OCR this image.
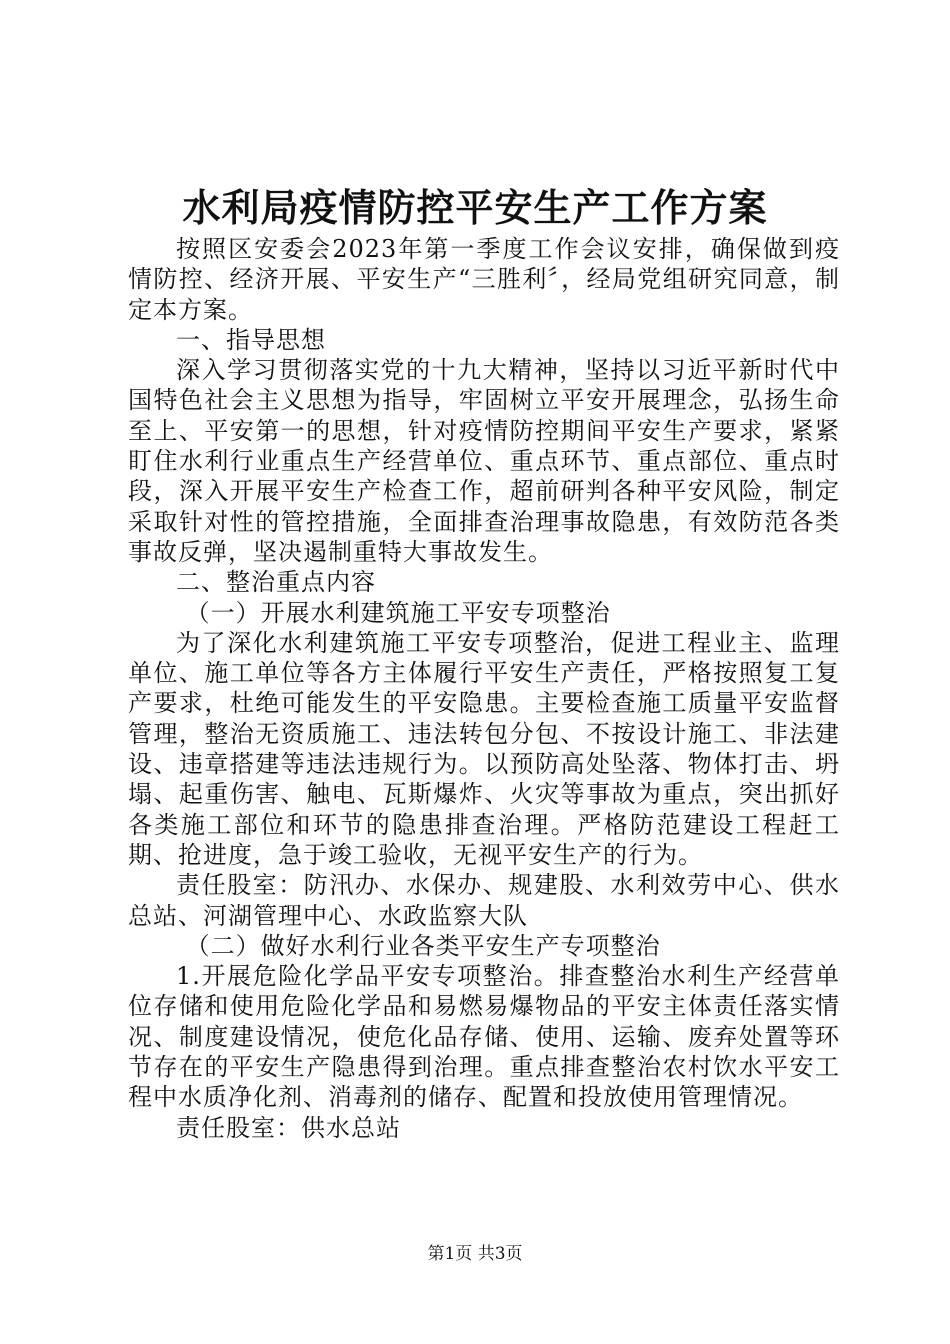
水利局疫情防控平安生产工作方案

按照区安委会2023年第一季度工作会议安排，确保做到疫情防控、经济开展、平安生产“三胜利〞，经局党组研究同意，制定本方案。

一、指导思想

深入学习贯彻落实党的十九大精神，坚持以习近平新时代中国特色社会主义思想为指导，牢固树立平安开展理念，弘扬生命至上、平安第一的思想，针对疫情防控期间平安生产要求，紧紧盯住水利行业重点生产经营单位、重点环节、重点部位、重点时段，深入开展平安生产检查工作，超前研判各种平安风险，制定采取针对性的管控措施，全面排查治理事故隐患，有效防范各类事故反弹，坚决遏制重特大事故发生。

二、整治重点内容

（一）开展水利建筑施工平安专项整治

为了深化水利建筑施工平安专项整治，促进工程业主、监理单位、施工单位等各方主体履行平安生产责任，严格按照复工复产要求，杜绝可能发生的平安隐患。主要检查施工质量平安监督管理，整治无资质施工、违法转包分包、不按设计施工、非法建设、违章搭建等违法违规行为。以预防高处坠落、物体打击、坍塌、起重伤害、触电、瓦斯爆炸、火灾等事故为重点，突出抓好各类施工部位和环节的隐患排查治理。严格防范建设工程赶工期、抢进度，急于竣工验收，无视平安生产的行为。

责任股室：防汛办、水保办、规建股、水利效劳中心、供水总站、河湖管理中心、水政监察大队

（二）做好水利行业各类平安生产专项整治

1.开展危险化学品平安专项整治。排查整治水利生产经营单位存储和使用危险化学品和易燃易爆物品的平安主体责任落实情况、制度建设情况，使危化品存储、使用、运输、废弃处置等环节存在的平安生产隐患得到治理。重点排查整治农村饮水平安工程中水质净化剂、消毒剂的储存、配置和投放使用管理情况。

责任股室：供水总站

第1页 共3页
